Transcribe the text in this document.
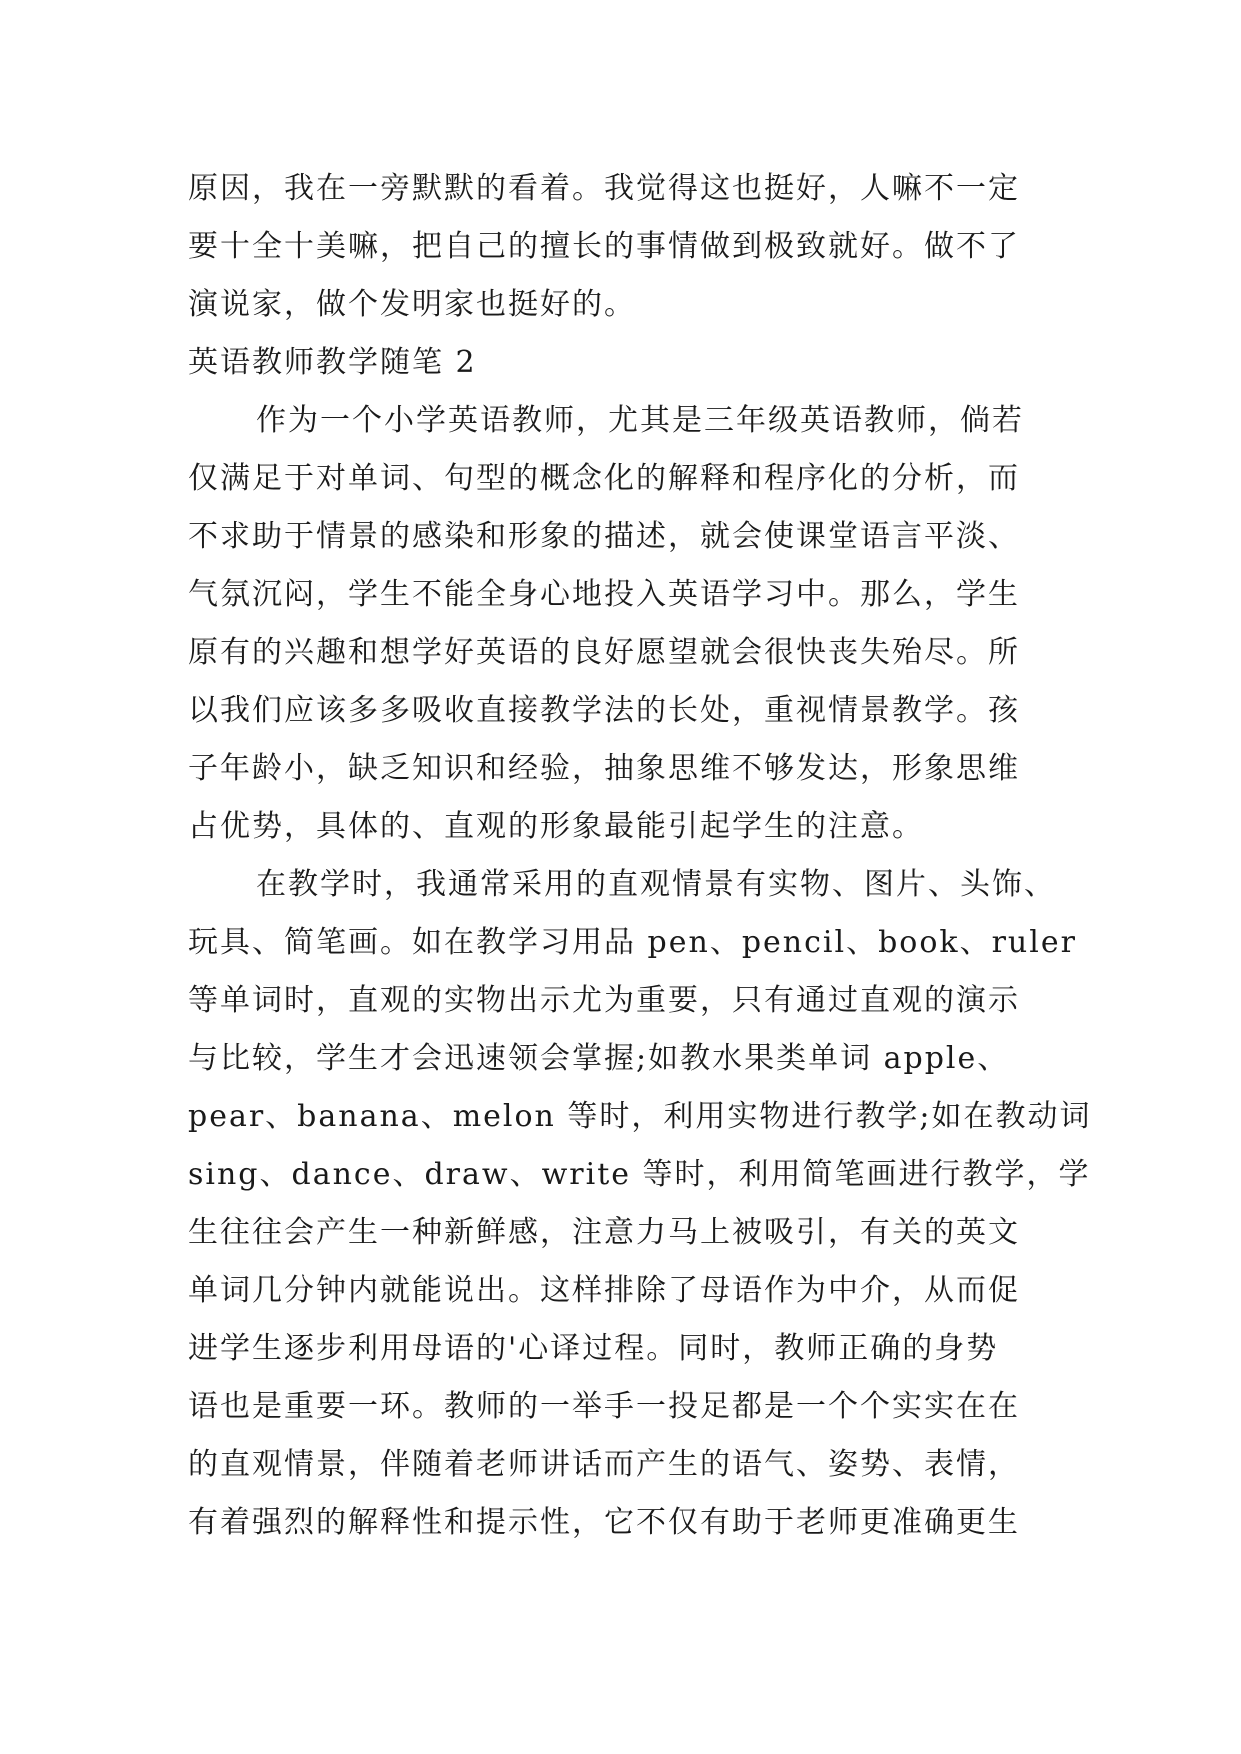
原因，我在一旁默默的看着。我觉得这也挺好，人嘛不一定
要十全十美嘛，把自己的擅长的事情做到极致就好。做不了
演说家，做个发明家也挺好的。
英语教师教学随笔 2
作为一个小学英语教师，尤其是三年级英语教师，倘若
仅满足于对单词、句型的概念化的解释和程序化的分析，而
不求助于情景的感染和形象的描述，就会使课堂语言平淡、
气氛沉闷，学生不能全身心地投入英语学习中。那么，学生
原有的兴趣和想学好英语的良好愿望就会很快丧失殆尽。所
以我们应该多多吸收直接教学法的长处，重视情景教学。孩
子年龄小，缺乏知识和经验，抽象思维不够发达，形象思维
占优势，具体的、直观的形象最能引起学生的注意。
在教学时，我通常采用的直观情景有实物、图片、头饰、
玩具、简笔画。如在教学习用品 pen、pencil、book、ruler
等单词时，直观的实物出示尤为重要，只有通过直观的演示
与比较，学生才会迅速领会掌握;如教水果类单词 apple、
pear、banana、melon 等时，利用实物进行教学;如在教动词
sing、dance、draw、write 等时，利用简笔画进行教学，学
生往往会产生一种新鲜感，注意力马上被吸引，有关的英文
单词几分钟内就能说出。这样排除了母语作为中介，从而促
进学生逐步利用母语的'心译过程。同时，教师正确的身势
语也是重要一环。教师的一举手一投足都是一个个实实在在
的直观情景，伴随着老师讲话而产生的语气、姿势、表情，
有着强烈的解释性和提示性，它不仅有助于老师更准确更生
